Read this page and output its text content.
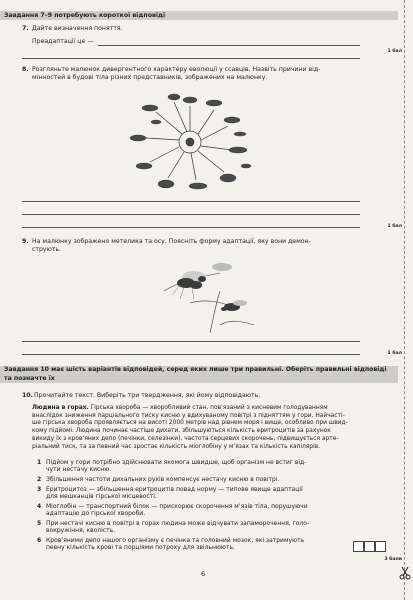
Завдання 7–9 потребують короткої відповіді
7. Дайте визначення поняття.
Преадаптації це —
1 бал
8. Розгляньте малюнок дивергентного характеру еволюції у ссавців. Назвіть причини від-
мінностей в будові тіла різних представників, зображених на малюнку.
1 бал
9. На малюнку зображено метелика та осу. Поясніть форму адаптації, яку вони демон-
струють.
1 бал
Завдання 10 має шість варіантів відповідей, серед яких лише три правильні. Оберіть правильні відповіді
та позначте їх
10. Прочитайте текст. Виберіть три твердження, які йому відповідають.
Людина в горах. Гірська хвороба — хворобливий стан, пов’язаний з кисневим голодуванням
внаслідок зниження парціального тиску кисню у вдихуваному повітрі з підняттям у гори. Найчасті-
ше гірська хвороба проявляється на висоті 2000 метрів над рівнем моря і вище, особливо при швид-
кому підйомі. Людина починає частіше дихати, збільшуються кількість еритроцитів за рахунок
викиду їх з кров’яних депо (печінки, селезінки), частота серцевих скорочень, підвищується арте-
ріальний тиск, та за певний час зростає кількість міоглобіну у м’язах та кількість капілярів.
1 Підйом у гори потрібно здійснювати якомога швидше, щоб організм не встиг від-
чути нестачу кисню.
2 Збільшення частоти дихальних рухів компенсує нестачу кисню в повітрі.
3 Еритроцитоз — збільшення еритроцитів повад норму — типове явище адаптації
для мешканців гірської місцевості.
4 Міоглобін — транспортний білок — прискорює скорочення м’язів тіла, порушуючи
адаптацію до гірської хвороби.
5 При нестачі кисню в повітрі в горах людина може відчувати запаморочення, голо-
вокружіння, кволість.
6 Кров’яними депо нашого організму є печінка та головний мозок, які затримують
певну кількість крові та порціями потроху для звільнюють.
3 бали
6
